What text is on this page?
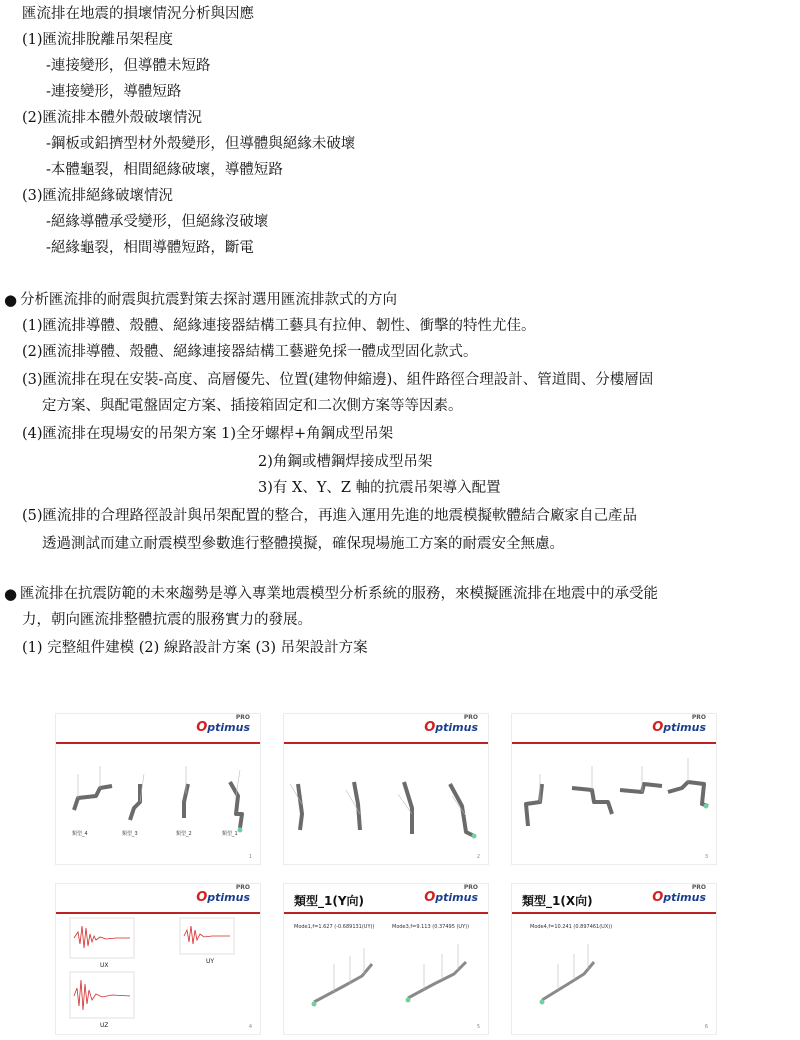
匯流排在地震的損壞情況分析與因應
(1)匯流排脫離吊架程度
-連接變形，但導體未短路
-連接變形，導體短路
(2)匯流排本體外殼破壞情況
-鋼板或鋁擠型材外殼變形，但導體與絕緣未破壞
-本體龜裂，相間絕緣破壞，導體短路
(3)匯流排絕緣破壞情況
-絕緣導體承受變形，但絕緣沒破壞
-絕緣龜裂，相間導體短路，斷電
● 分析匯流排的耐震與抗震對策去探討選用匯流排款式的方向
(1)匯流排導體、殼體、絕緣連接器結構工藝具有拉伸、韌性、衝擊的特性尤佳。
(2)匯流排導體、殼體、絕緣連接器結構工藝避免採一體成型固化款式。
(3)匯流排在現在安裝-高度、高層優先、位置(建物伸縮邊)、組件路徑合理設計、管道間、分樓層固
定方案、與配電盤固定方案、插接箱固定和二次側方案等等因素。
(4)匯流排在現場安的吊架方案 1)全牙螺桿+角鋼成型吊架
2)角鋼或槽鋼焊接成型吊架
3)有 X、Y、Z 軸的抗震吊架導入配置
(5)匯流排的合理路徑設計與吊架配置的整合，再進入運用先進的地震模擬軟體結合廠家自己產品
透過測試而建立耐震模型參數進行整體摸擬，確保現場施工方案的耐震安全無慮。
● 匯流排在抗震防範的未來趨勢是導入專業地震模型分析系統的服務，來模擬匯流排在地震中的承受能
力，朝向匯流排整體抗震的服務實力的發展。
(1) 完整組件建模 (2) 線路設計方案 (3) 吊架設計方案
Optimus
PRO
類型_4	類型_3	類型_2	類型_1
1
Optimus
PRO
2
Optimus
PRO
3
Optimus
PRO
UX
UY
UZ	4
類型_1(Y向)	Optimus
PRO
Mode1,f=1.627 (-0.689131(UY))	Mode3,f=9.113 (0.37495 (UY))
5
類型_1(X向)	Optimus
PRO
Mode4,f=10.241 (0.897461(UX))
6
